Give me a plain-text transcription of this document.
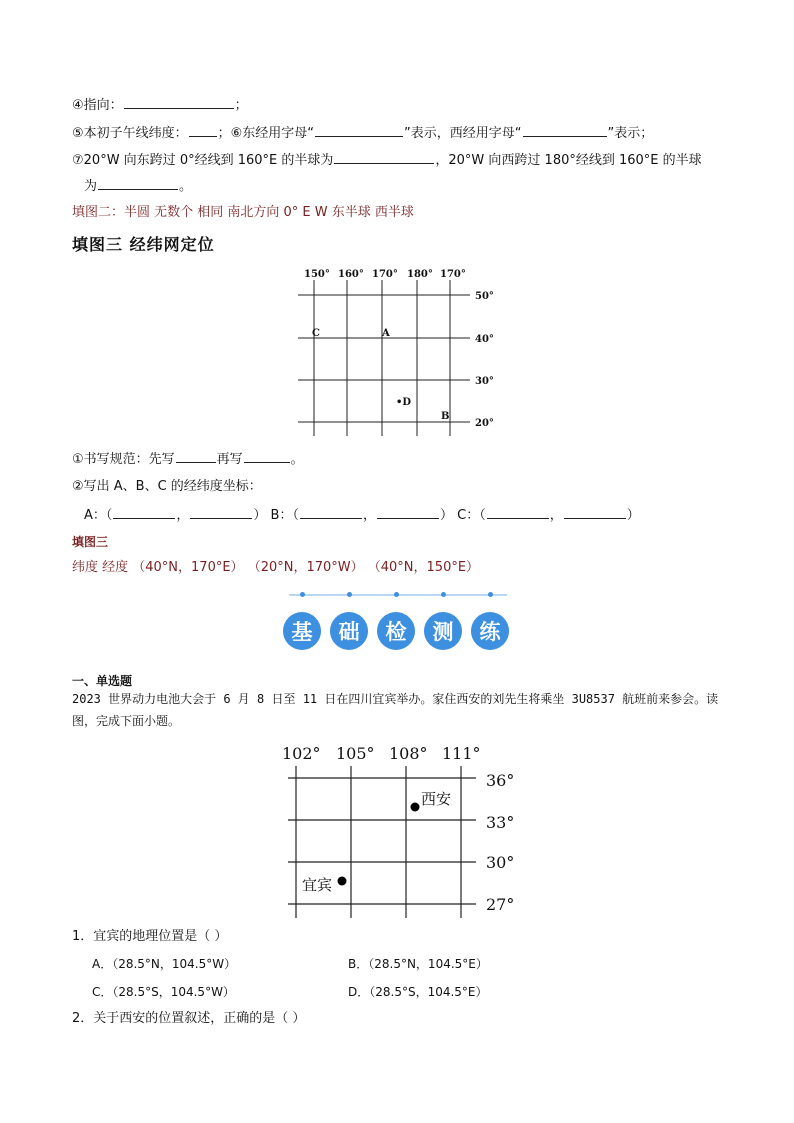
④指向：	；
⑤本初子午线纬度： ；⑥东经用字母“	”表示，西经用字母“	”表示；
⑦20°W 向东跨过 0°经线到 160°E 的半球为	，20°W 向西跨过 180°经线到 160°E 的半球
为	。
填图二：半圆 无数个 相同 南北方向 0° E W 东半球 西半球
填图三 经纬网定位
150° 160° 170° 180° 170°
50°
40°
30°
20°
C	A
•D
B
①书写规范：先写	再写	。
②写出 A、B、C 的经纬度坐标：
A：（	，	） B：（	，	） C：（	，	）
填图三
纬度 经度 （40°N，170°E） （20°N，170°W） （40°N，150°E）
基	础	检	测	练
一、单选题
2023 世界动力电池大会于 6 月 8 日至 11 日在四川宜宾举办。家住西安的刘先生将乘坐 3U8537 航班前来参会。读图，完成下面小题。
102° 105° 108° 111°
36°
33°
30°
27°
西安
宜宾
1．宜宾的地理位置是（ ）
A．（28.5°N，104.5°W）	B．（28.5°N，104.5°E）
C．（28.5°S，104.5°W）	D．（28.5°S，104.5°E）
2．关于西安的位置叙述，正确的是（ ）
